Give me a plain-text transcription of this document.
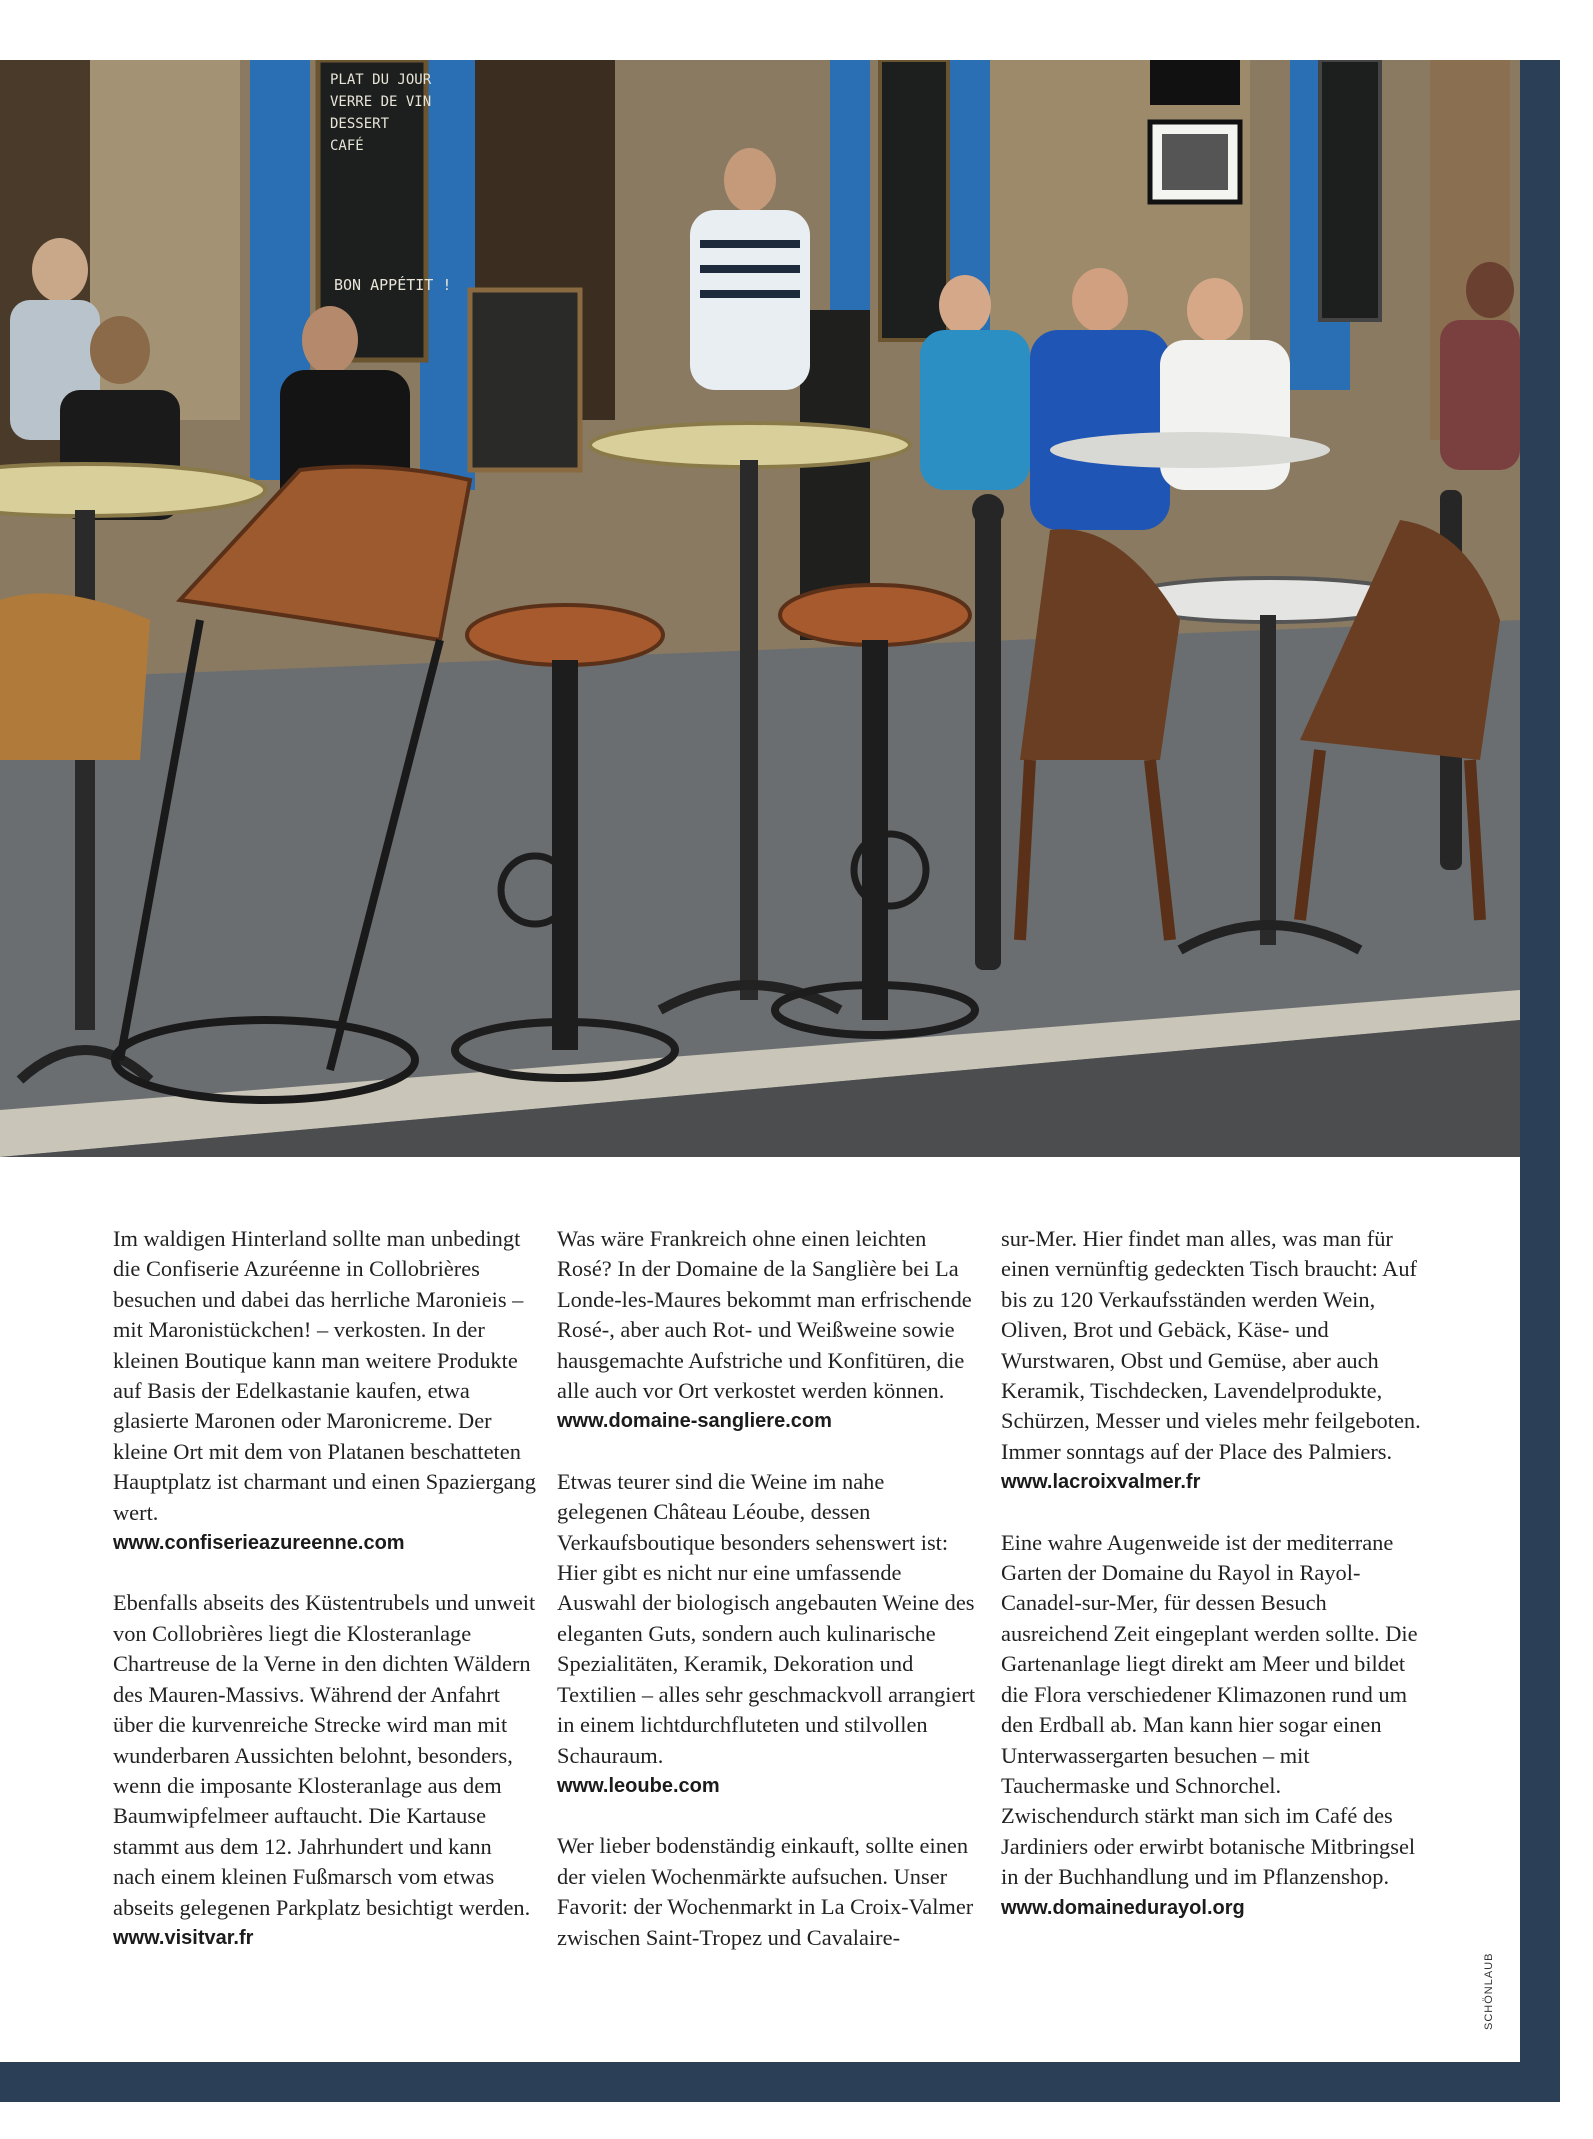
PLAT DU JOUR
VERRE DE VIN
DESSERT
CAFÉ
BON APPÉTIT !

Im waldigen Hinterland sollte man unbedingt die Confiserie Azuréenne in Collobrières besuchen und dabei das herrliche Maronieis – mit Maronistückchen! – verkosten. In der kleinen Boutique kann man weitere Produkte auf Basis der Edelkastanie kaufen, etwa glasierte Maronen oder Maronicreme. Der kleine Ort mit dem von Platanen beschatteten Hauptplatz ist charmant und einen Spaziergang wert.
www.confiserieazureenne.com

Ebenfalls abseits des Küstentrubels und unweit von Collobrières liegt die Klosteranlage Chartreuse de la Verne in den dichten Wäldern des Mauren-Massivs. Während der Anfahrt über die kurvenreiche Strecke wird man mit wunderbaren Aussichten belohnt, besonders, wenn die imposante Klosteranlage aus dem Baumwipfelmeer auftaucht. Die Kartause stammt aus dem 12. Jahrhundert und kann nach einem kleinen Fußmarsch vom etwas abseits gelegenen Parkplatz besichtigt werden.
www.visitvar.fr

Was wäre Frankreich ohne einen leichten Rosé? In der Domaine de la Sanglière bei La Londe-les-Maures bekommt man erfrischende Rosé-, aber auch Rot- und Weißweine sowie hausgemachte Aufstriche und Konfitüren, die alle auch vor Ort verkostet werden können.
www.domaine-sangliere.com

Etwas teurer sind die Weine im nahe gelegenen Château Léoube, dessen Verkaufsboutique besonders sehenswert ist: Hier gibt es nicht nur eine umfassende Auswahl der biologisch angebauten Weine des eleganten Guts, sondern auch kulinarische Spezialitäten, Keramik, Dekoration und Textilien – alles sehr geschmackvoll arrangiert in einem lichtdurchfluteten und stilvollen Schauraum.
www.leoube.com

Wer lieber bodenständig einkauft, sollte einen der vielen Wochenmärkte aufsuchen. Unser Favorit: der Wochenmarkt in La Croix-Valmer zwischen Saint-Tropez und Cavalaire-

sur-Mer. Hier findet man alles, was man für einen vernünftig gedeckten Tisch braucht: Auf bis zu 120 Verkaufsständen werden Wein, Oliven, Brot und Gebäck, Käse- und Wurstwaren, Obst und Gemüse, aber auch Keramik, Tischdecken, Lavendelprodukte, Schürzen, Messer und vieles mehr feilgeboten. Immer sonntags auf der Place des Palmiers.
www.lacroixvalmer.fr

Eine wahre Augenweide ist der mediterrane Garten der Domaine du Rayol in Rayol-Canadel-sur-Mer, für dessen Besuch ausreichend Zeit eingeplant werden sollte. Die Gartenanlage liegt direkt am Meer und bildet die Flora verschiedener Klimazonen rund um den Erdball ab. Man kann hier sogar einen Unterwassergarten besuchen – mit Tauchermaske und Schnorchel. Zwischendurch stärkt man sich im Café des Jardiniers oder erwirbt botanische Mitbringsel in der Buchhandlung und im Pflanzenshop.
www.domainedurayol.org

SCHÖNLAUB
